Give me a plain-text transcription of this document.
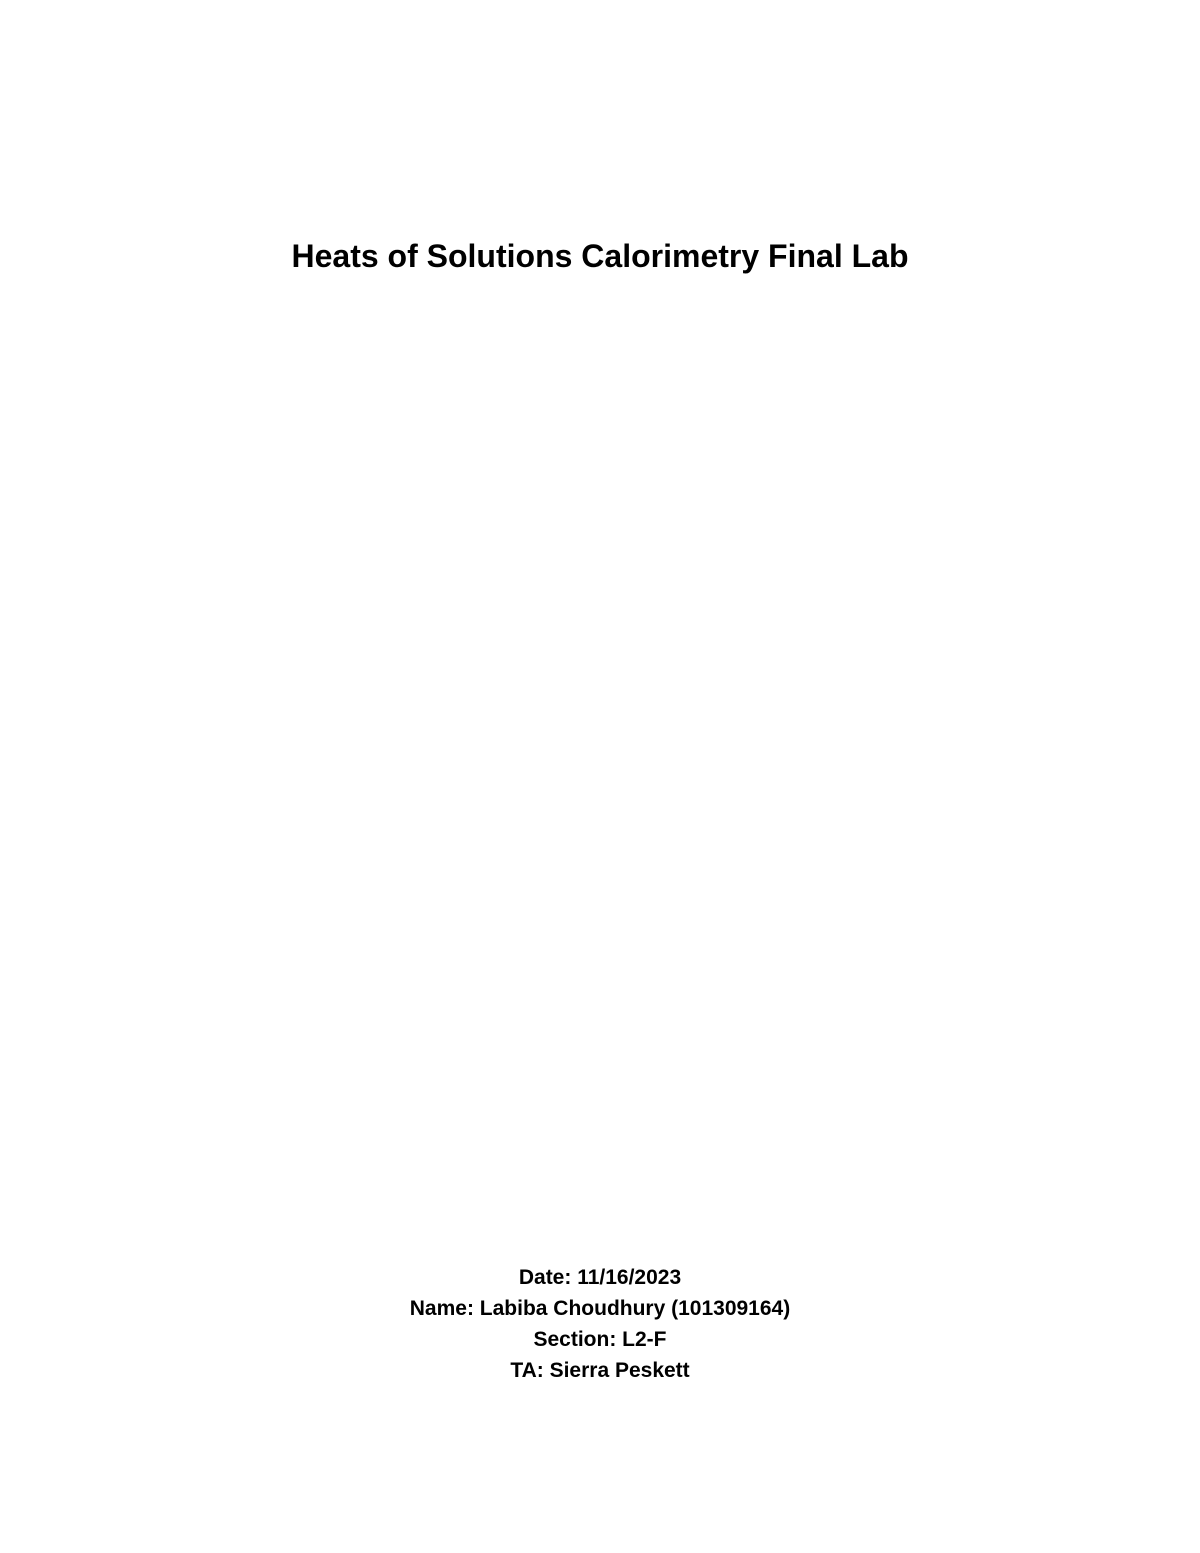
Heats of Solutions Calorimetry Final Lab
Date: 11/16/2023
Name: Labiba Choudhury (101309164)
Section: L2-F
TA: Sierra Peskett
